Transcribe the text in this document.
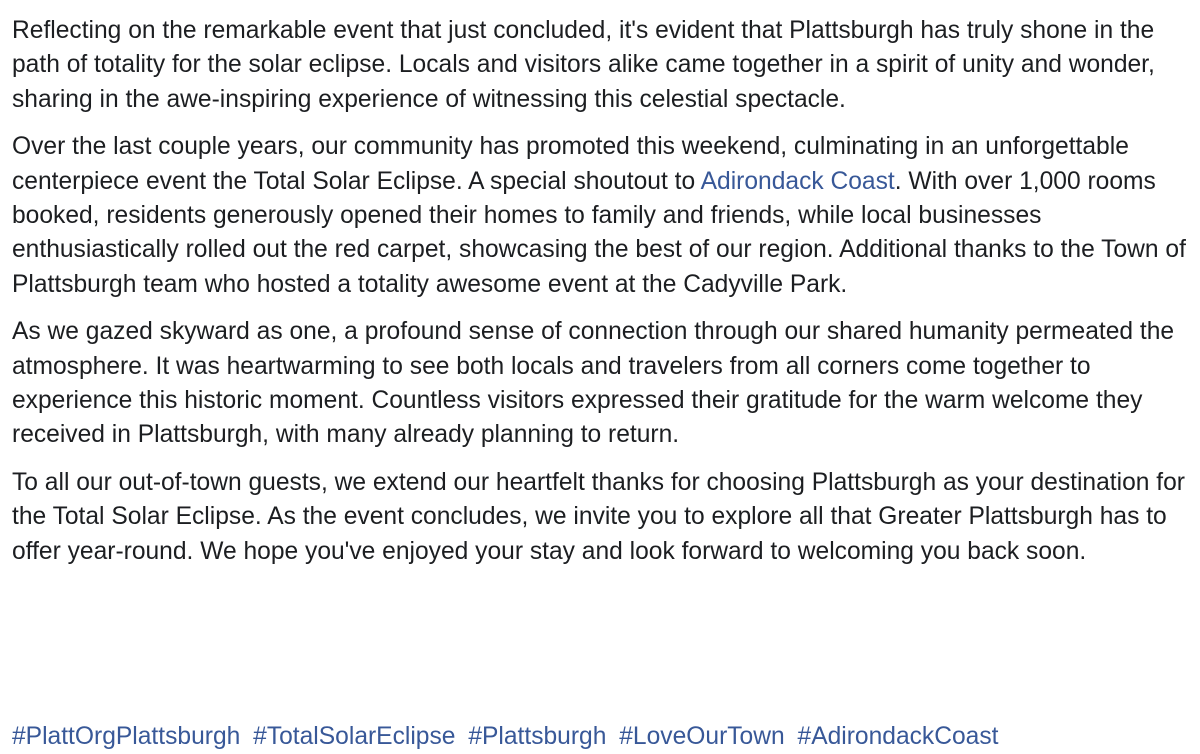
Reflecting on the remarkable event that just concluded, it's evident that Plattsburgh has truly shone in the path of totality for the solar eclipse. Locals and visitors alike came together in a spirit of unity and wonder, sharing in the awe-inspiring experience of witnessing this celestial spectacle.

Over the last couple years, our community has promoted this weekend, culminating in an unforgettable centerpiece event the Total Solar Eclipse. A special shoutout to Adirondack Coast. With over 1,000 rooms booked, residents generously opened their homes to family and friends, while local businesses enthusiastically rolled out the red carpet, showcasing the best of our region. Additional thanks to the Town of Plattsburgh team who hosted a totality awesome event at the Cadyville Park.

As we gazed skyward as one, a profound sense of connection through our shared humanity permeated the atmosphere. It was heartwarming to see both locals and travelers from all corners come together to experience this historic moment. Countless visitors expressed their gratitude for the warm welcome they received in Plattsburgh, with many already planning to return.

To all our out-of-town guests, we extend our heartfelt thanks for choosing Plattsburgh as your destination for the Total Solar Eclipse. As the event concludes, we invite you to explore all that Greater Plattsburgh has to offer year-round. We hope you've enjoyed your stay and look forward to welcoming you back soon.

#PlattOrgPlattsburgh #TotalSolarEclipse #Plattsburgh #LoveOurTown #AdirondackCoast
